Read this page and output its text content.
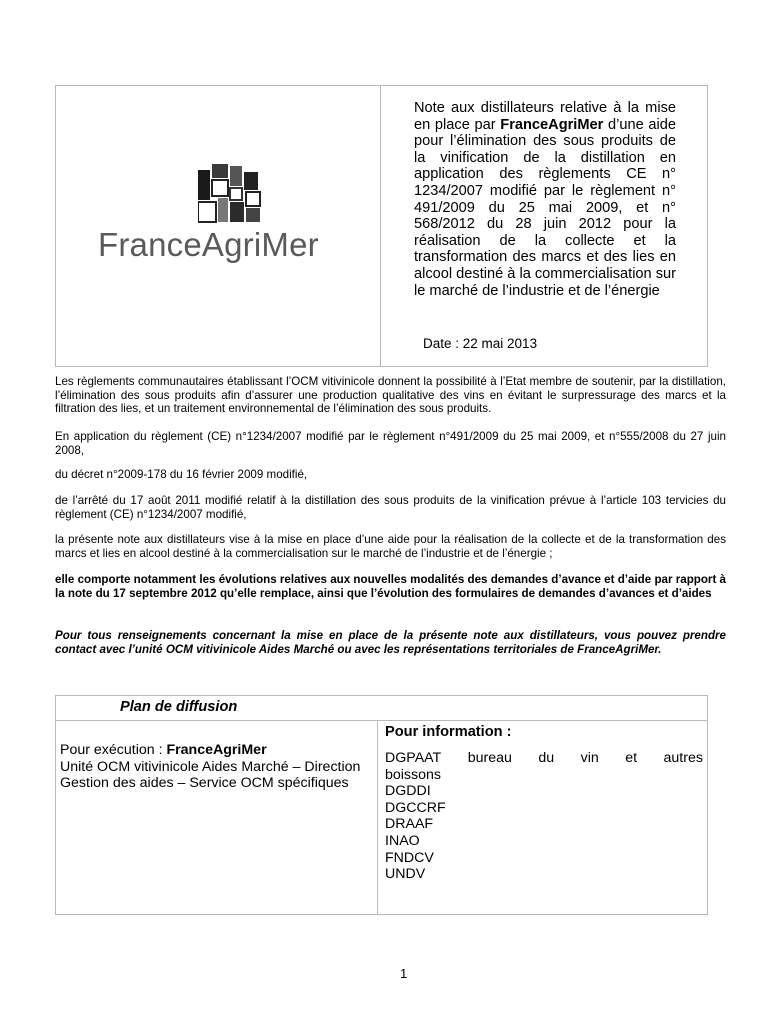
FranceAgriMer
Note aux distillateurs relative à la mise en place par FranceAgriMer d’une aide pour l’élimination des sous produits de la vinification de la distillation en application des règlements CE n° 1234/2007 modifié par le règlement n° 491/2009 du 25 mai 2009, et n° 568/2012 du 28 juin 2012 pour la réalisation de la collecte et la transformation des marcs et des lies en alcool destiné à la commercialisation sur le marché de l’industrie et de l’énergie
Date : 22 mai 2013
Les règlements communautaires établissant l’OCM vitivinicole donnent la possibilité à l’Etat membre de soutenir, par la distillation, l’élimination des sous produits afin d’assurer une production qualitative des vins en évitant le surpressurage des marcs et la filtration des lies, et un traitement environnemental de l’élimination des sous produits.
En application du règlement (CE) n°1234/2007 modifié par le règlement n°491/2009 du 25 mai 2009, et n°555/2008 du 27 juin 2008,
du décret n°2009-178 du 16 février 2009 modifié,
de l’arrêté du 17 août 2011 modifié relatif à la distillation des sous produits de la vinification prévue à l’article 103 tervicies du règlement (CE) n°1234/2007 modifié,
la présente note aux distillateurs vise à la mise en place d’une aide pour la réalisation de la collecte et de la transformation des marcs et lies en alcool destiné à la commercialisation sur le marché de l’industrie et de l’énergie ;
elle comporte notamment les évolutions relatives aux nouvelles modalités des demandes d’avance et d’aide par rapport à la note du 17 septembre 2012 qu’elle remplace, ainsi que l’évolution des formulaires de demandes d’avances et d’aides
Pour tous renseignements concernant la mise en place de la présente note aux distillateurs, vous pouvez prendre contact avec l’unité OCM vitivinicole Aides Marché ou avec les représentations territoriales de FranceAgriMer.
Plan de diffusion
Pour exécution : FranceAgriMer
Unité OCM vitivinicole Aides Marché – Direction Gestion des aides – Service OCM spécifiques
Pour information :
DGPAAT bureau du vin et autres
boissons
DGDDI
DGCCRF
DRAAF
INAO
FNDCV
UNDV
1
